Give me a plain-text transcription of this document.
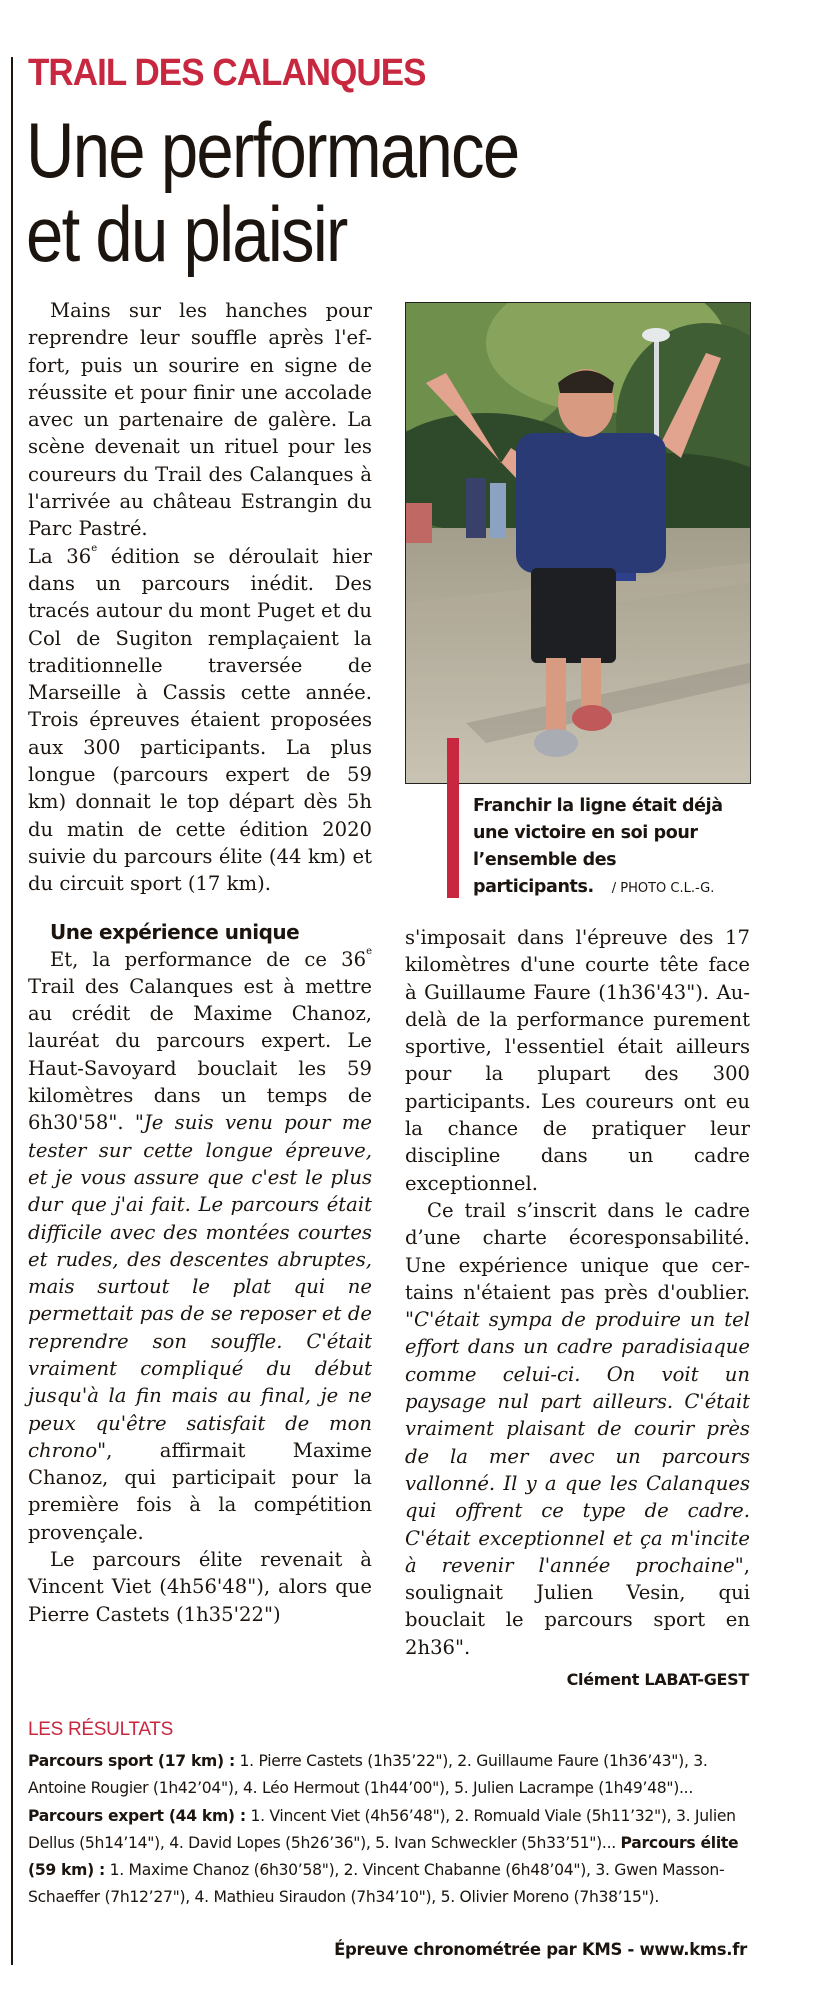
TRAIL DES CALANQUES
Une performance
et du plaisir

Mains sur les hanches pour reprendre leur souffle après l'effort, puis un sourire en signe de réussite et pour finir une accolade avec un partenaire de galère. La scène devenait un rituel pour les coureurs du Trail des Calanques à l'arrivée au château Estrangin du Parc Pastré.

La 36e édition se déroulait hier dans un parcours inédit. Des tracés autour du mont Puget et du Col de Sugiton remplaçaient la traditionnelle traversée de Marseille à Cassis cette année. Trois épreuves étaient proposées aux 300 participants. La plus longue (parcours expert de 59 km) donnait le top départ dès 5h du matin de cette édition 2020 suivie du parcours élite (44 km) et du circuit sport (17 km).

Une expérience unique

Et, la performance de ce 36e Trail des Calanques est à mettre au crédit de Maxime Chanoz, lauréat du parcours expert. Le Haut-Savoyard bouclait les 59 kilomètres dans un temps de 6h30'58". "Je suis venu pour me tester sur cette longue épreuve, et je vous assure que c'est le plus dur que j'ai fait. Le parcours était difficile avec des montées courtes et rudes, des descentes abruptes, mais surtout le plat qui ne permettait pas de se reposer et de reprendre son souffle. C'était vraiment compliqué du début jusqu'à la fin mais au final, je ne peux qu'être satisfait de mon chrono", affirmait Maxime Chanoz, qui participait pour la première fois à la compétition provençale.

Le parcours élite revenait à Vincent Viet (4h56'48"), alors que Pierre Castets (1h35'22")

Franchir la ligne était déjà une victoire en soi pour l’ensemble des participants. / PHOTO C.L.-G.

s'imposait dans l'épreuve des 17 kilomètres d'une courte tête face à Guillaume Faure (1h36'43"). Au-delà de la performance purement sportive, l'essentiel était ailleurs pour la plupart des 300 participants. Les coureurs ont eu la chance de pratiquer leur discipline dans un cadre exceptionnel.

Ce trail s’inscrit dans le cadre d’une charte écoresponsabilité. Une expérience unique que certains n'étaient pas près d'oublier. "C'était sympa de produire un tel effort dans un cadre paradisiaque comme celui-ci. On voit un paysage nul part ailleurs. C'était vraiment plaisant de courir près de la mer avec un parcours vallonné. Il y a que les Calanques qui offrent ce type de cadre. C'était exceptionnel et ça m'incite à revenir l'année prochaine", soulignait Julien Vesin, qui bouclait le parcours sport en 2h36".

Clément LABAT-GEST
LES RÉSULTATS
Parcours sport (17 km) : 1. Pierre Castets (1h35’22"), 2. Guillaume Faure (1h36’43"), 3. Antoine Rougier (1h42’04"), 4. Léo Hermout (1h44’00"), 5. Julien Lacrampe (1h49’48")... Parcours expert (44 km) : 1. Vincent Viet (4h56’48"), 2. Romuald Viale (5h11’32"), 3. Julien Dellus (5h14’14"), 4. David Lopes (5h26’36"), 5. Ivan Schweckler (5h33’51")... Parcours élite (59 km) : 1. Maxime Chanoz (6h30’58"), 2. Vincent Chabanne (6h48’04"), 3. Gwen Masson-Schaeffer (7h12’27"), 4. Mathieu Siraudon (7h34’10"), 5. Olivier Moreno (7h38’15").
Épreuve chronométrée par KMS - www.kms.fr
